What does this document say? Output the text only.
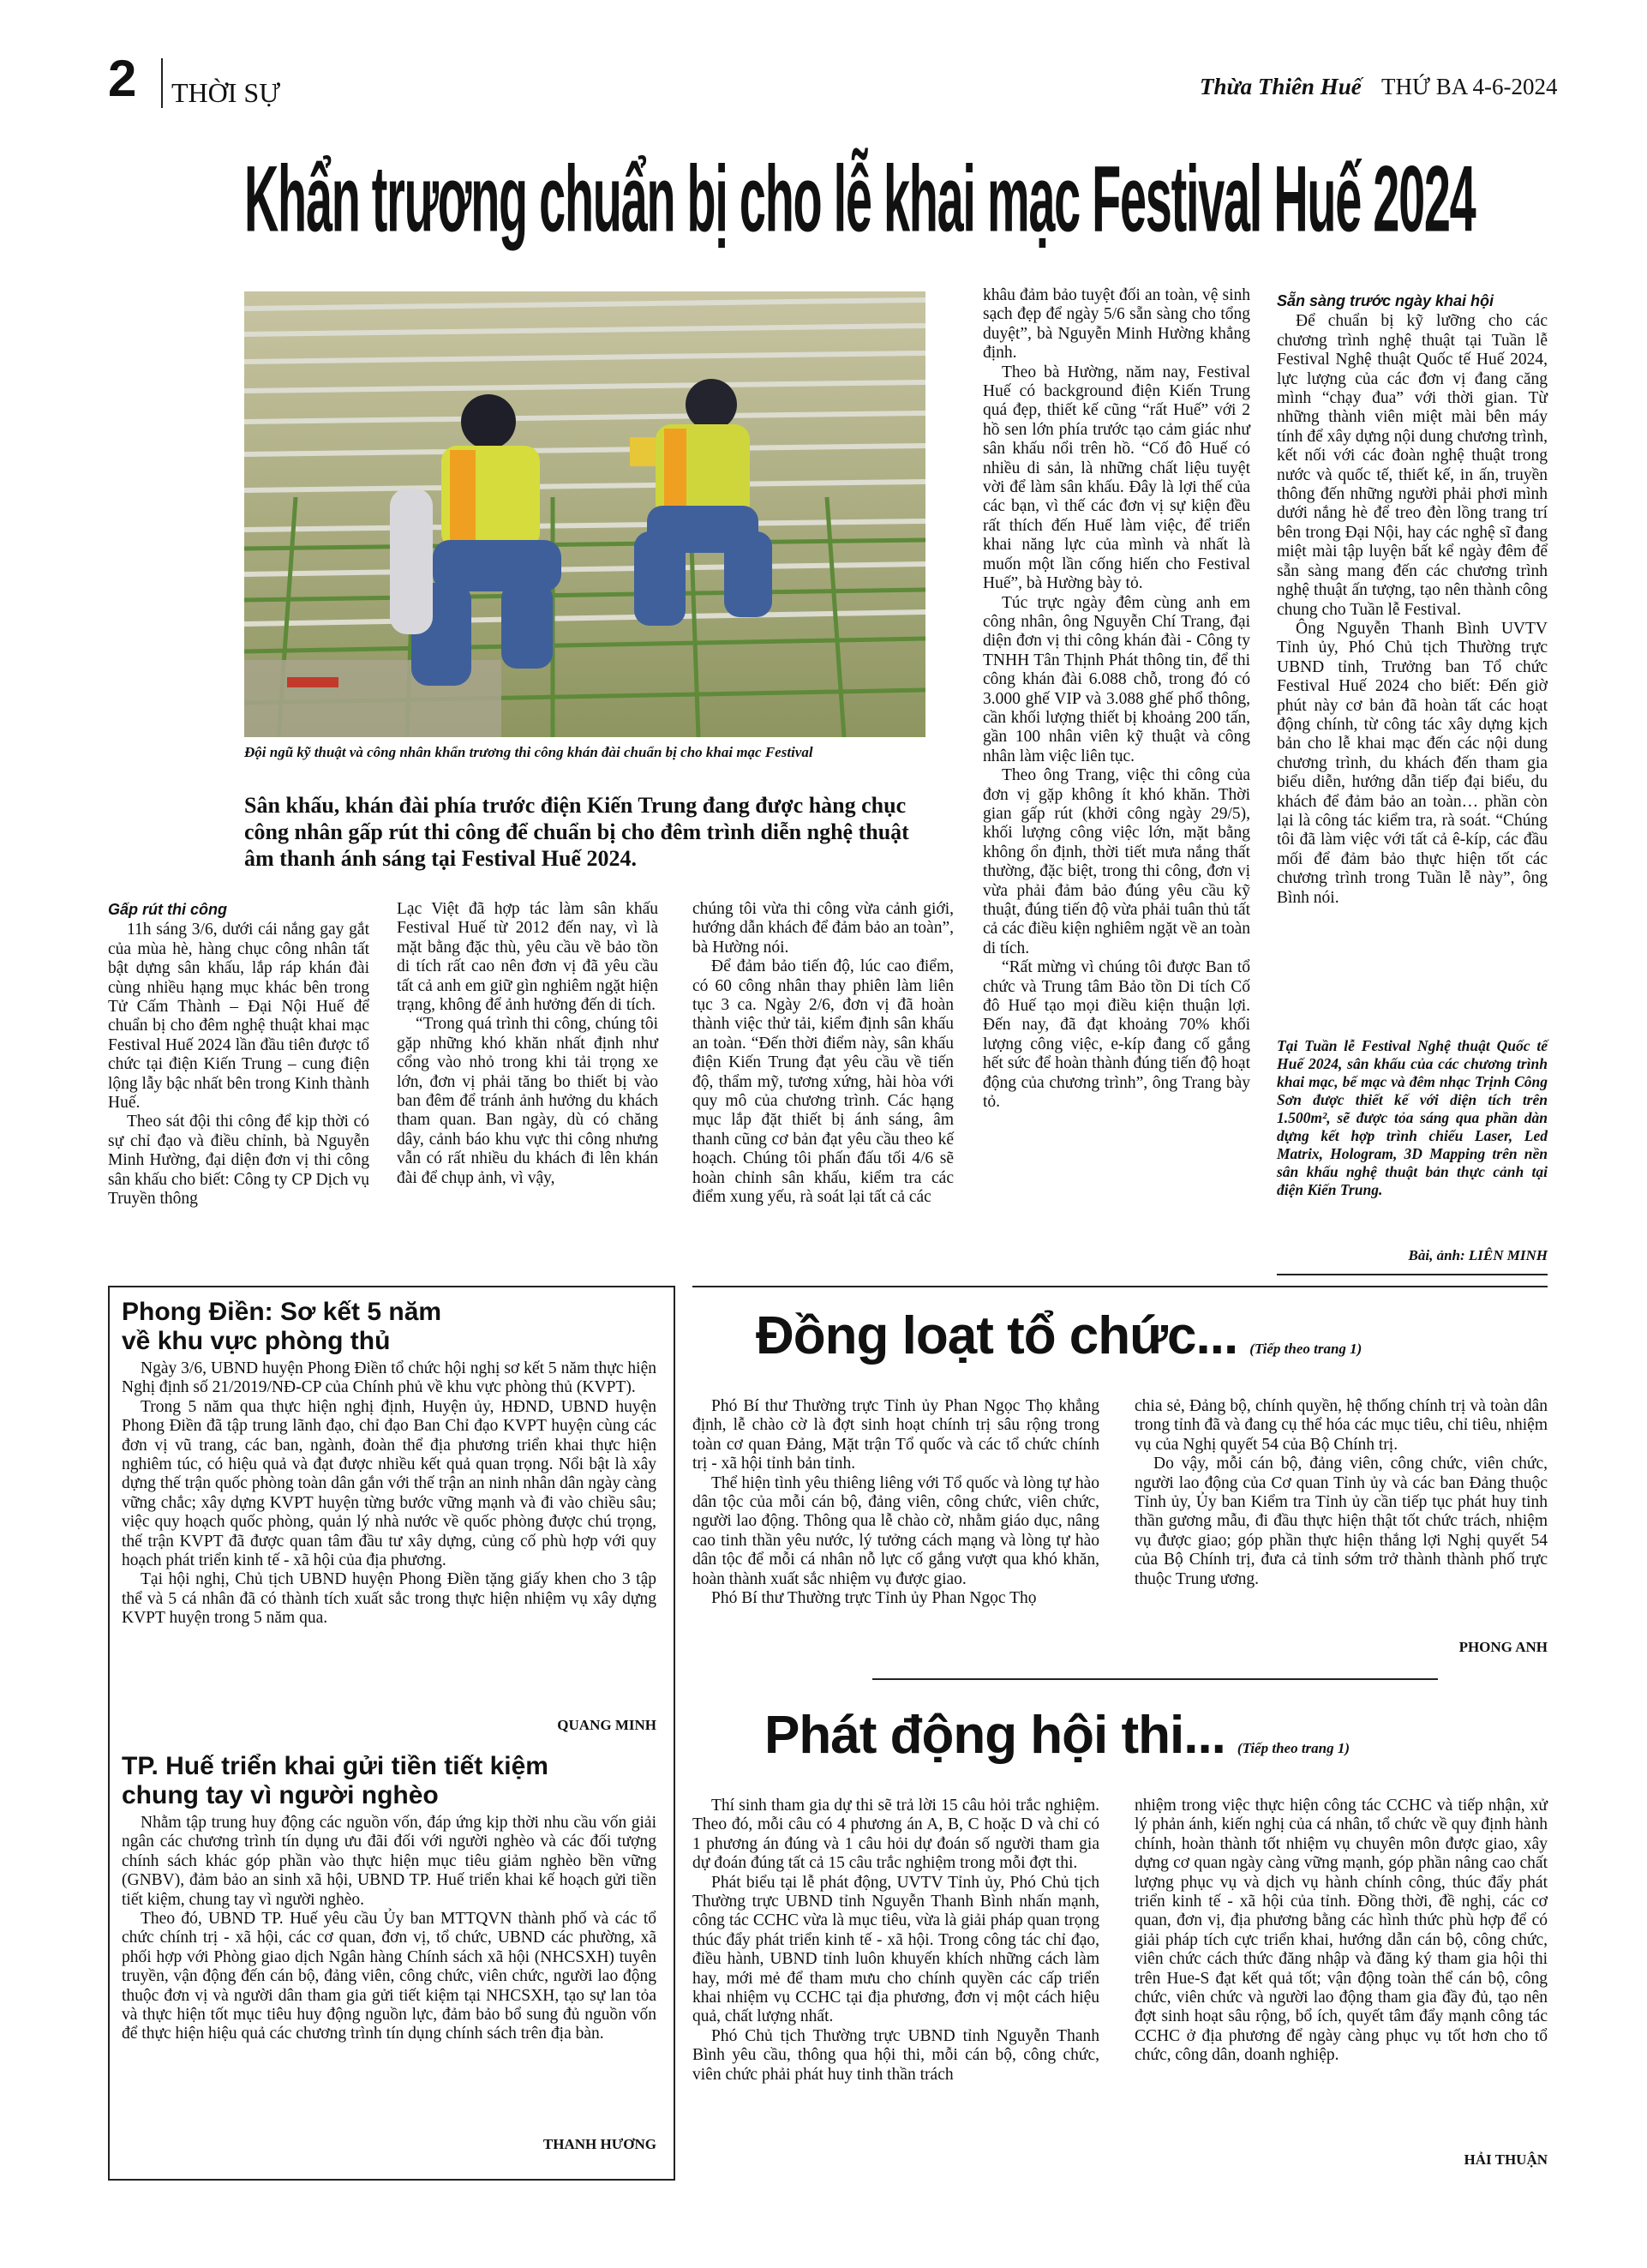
2 THỜI SỰ	Thừa Thiên Huế THỨ BA 4-6-2024
Khẩn trương chuẩn bị cho lễ khai mạc Festival Huế 2024
Đội ngũ kỹ thuật và công nhân khẩn trương thi công khán đài chuẩn bị cho khai mạc Festival
Sân khấu, khán đài phía trước điện Kiến Trung đang được hàng chục công nhân gấp rút thi công để chuẩn bị cho đêm trình diễn nghệ thuật âm thanh ánh sáng tại Festival Huế 2024.

Gấp rút thi công

11h sáng 3/6, dưới cái nắng gay gắt của mùa hè, hàng chục công nhân tất bật dựng sân khấu, lắp ráp khán đài cùng nhiều hạng mục khác bên trong Tử Cấm Thành – Đại Nội Huế để chuẩn bị cho đêm nghệ thuật khai mạc Festival Huế 2024 lần đầu tiên được tổ chức tại điện Kiến Trung – cung điện lộng lẫy bậc nhất bên trong Kinh thành Huế.

Theo sát đội thi công để kịp thời có sự chỉ đạo và điều chỉnh, bà Nguyễn Minh Hường, đại diện đơn vị thi công sân khấu cho biết: Công ty CP Dịch vụ Truyền thông

Lạc Việt đã hợp tác làm sân khấu Festival Huế từ 2012 đến nay, vì là mặt bằng đặc thù, yêu cầu về bảo tồn di tích rất cao nên đơn vị đã yêu cầu tất cả anh em giữ gìn nghiêm ngặt hiện trạng, không để ảnh hưởng đến di tích.

“Trong quá trình thi công, chúng tôi gặp những khó khăn nhất định như cổng vào nhỏ trong khi tải trọng xe lớn, đơn vị phải tăng bo thiết bị vào ban đêm để tránh ảnh hưởng du khách tham quan. Ban ngày, dù có chăng dây, cảnh báo khu vực thi công nhưng vẫn có rất nhiều du khách đi lên khán đài để chụp ảnh, vì vậy,

chúng tôi vừa thi công vừa cảnh giới, hướng dẫn khách để đảm bảo an toàn”, bà Hường nói.

Để đảm bảo tiến độ, lúc cao điểm, có 60 công nhân thay phiên làm liên tục 3 ca. Ngày 2/6, đơn vị đã hoàn thành việc thử tải, kiểm định sân khấu an toàn. “Đến thời điểm này, sân khấu điện Kiến Trung đạt yêu cầu về tiến độ, thẩm mỹ, tương xứng, hài hòa với quy mô của chương trình. Các hạng mục lắp đặt thiết bị ánh sáng, âm thanh cũng cơ bản đạt yêu cầu theo kế hoạch. Chúng tôi phấn đấu tối 4/6 sẽ hoàn chỉnh sân khấu, kiểm tra các điểm xung yếu, rà soát lại tất cả các

khâu đảm bảo tuyệt đối an toàn, vệ sinh sạch đẹp để ngày 5/6 sẵn sàng cho tổng duyệt”, bà Nguyễn Minh Hường khẳng định.

Theo bà Hường, năm nay, Festival Huế có background điện Kiến Trung quá đẹp, thiết kế cũng “rất Huế” với 2 hồ sen lớn phía trước tạo cảm giác như sân khấu nổi trên hồ. “Cố đô Huế có nhiều di sản, là những chất liệu tuyệt vời để làm sân khấu. Đây là lợi thế của các bạn, vì thế các đơn vị sự kiện đều rất thích đến Huế làm việc, để triển khai năng lực của mình và nhất là muốn một lần cống hiến cho Festival Huế”, bà Hường bày tỏ.

Túc trực ngày đêm cùng anh em công nhân, ông Nguyễn Chí Trang, đại diện đơn vị thi công khán đài - Công ty TNHH Tân Thịnh Phát thông tin, để thi công khán đài 6.088 chỗ, trong đó có 3.000 ghế VIP và 3.088 ghế phổ thông, cần khối lượng thiết bị khoảng 200 tấn, gần 100 nhân viên kỹ thuật và công nhân làm việc liên tục.

Theo ông Trang, việc thi công của đơn vị gặp không ít khó khăn. Thời gian gấp rút (khởi công ngày 29/5), khối lượng công việc lớn, mặt bằng không ổn định, thời tiết mưa nắng thất thường, đặc biệt, trong thi công, đơn vị vừa phải đảm bảo đúng yêu cầu kỹ thuật, đúng tiến độ vừa phải tuân thủ tất cả các điều kiện nghiêm ngặt về an toàn di tích.

“Rất mừng vì chúng tôi được Ban tổ chức và Trung tâm Bảo tồn Di tích Cố đô Huế tạo mọi điều kiện thuận lợi. Đến nay, đã đạt khoảng 70% khối lượng công việc, e-kíp đang cố gắng hết sức để hoàn thành đúng tiến độ hoạt động của chương trình”, ông Trang bày tỏ.

Sẵn sàng trước ngày khai hội

Để chuẩn bị kỹ lưỡng cho các chương trình nghệ thuật tại Tuần lễ Festival Nghệ thuật Quốc tế Huế 2024, lực lượng của các đơn vị đang căng mình “chạy đua” với thời gian. Từ những thành viên miệt mài bên máy tính để xây dựng nội dung chương trình, kết nối với các đoàn nghệ thuật trong nước và quốc tế, thiết kế, in ấn, truyền thông đến những người phải phơi mình dưới nắng hè để treo đèn lồng trang trí bên trong Đại Nội, hay các nghệ sĩ đang miệt mài tập luyện bất kể ngày đêm để sẵn sàng mang đến các chương trình nghệ thuật ấn tượng, tạo nên thành công chung cho Tuần lễ Festival.

Ông Nguyễn Thanh Bình UVTV Tỉnh ủy, Phó Chủ tịch Thường trực UBND tỉnh, Trưởng ban Tổ chức Festival Huế 2024 cho biết: Đến giờ phút này cơ bản đã hoàn tất các hoạt động chính, từ công tác xây dựng kịch bản cho lễ khai mạc đến các nội dung chương trình, du khách đến tham gia biểu diễn, hướng dẫn tiếp đại biểu, du khách để đảm bảo an toàn… phần còn lại là công tác kiểm tra, rà soát. “Chúng tôi đã làm việc với tất cả ê-kíp, các đầu mối để đảm bảo thực hiện tốt các chương trình trong Tuần lễ này”, ông Bình nói.

Tại Tuần lễ Festival Nghệ thuật Quốc tế Huế 2024, sân khấu của các chương trình khai mạc, bế mạc và đêm nhạc Trịnh Công Sơn được thiết kế với diện tích trên 1.500m², sẽ được tỏa sáng qua phần dàn dựng kết hợp trình chiếu Laser, Led Matrix, Hologram, 3D Mapping trên nền sân khấu nghệ thuật bản thực cảnh tại điện Kiến Trung.
Bài, ảnh: LIÊN MINH
Phong Điền: Sơ kết 5 năm
về khu vực phòng thủ

Ngày 3/6, UBND huyện Phong Điền tổ chức hội nghị sơ kết 5 năm thực hiện Nghị định số 21/2019/NĐ-CP của Chính phủ về khu vực phòng thủ (KVPT).

Trong 5 năm qua thực hiện nghị định, Huyện ủy, HĐND, UBND huyện Phong Điền đã tập trung lãnh đạo, chỉ đạo Ban Chỉ đạo KVPT huyện cùng các đơn vị vũ trang, các ban, ngành, đoàn thể địa phương triển khai thực hiện nghiêm túc, có hiệu quả và đạt được nhiều kết quả quan trọng. Nổi bật là xây dựng thế trận quốc phòng toàn dân gắn với thế trận an ninh nhân dân ngày càng vững chắc; xây dựng KVPT huyện từng bước vững mạnh và đi vào chiều sâu; việc quy hoạch quốc phòng, quản lý nhà nước về quốc phòng được chú trọng, thế trận KVPT đã được quan tâm đầu tư xây dựng, củng cố phù hợp với quy hoạch phát triển kinh tế - xã hội của địa phương.

Tại hội nghị, Chủ tịch UBND huyện Phong Điền tặng giấy khen cho 3 tập thể và 5 cá nhân đã có thành tích xuất sắc trong thực hiện nhiệm vụ xây dựng KVPT huyện trong 5 năm qua.

QUANG MINH
TP. Huế triển khai gửi tiền tiết kiệm
chung tay vì người nghèo

Nhằm tập trung huy động các nguồn vốn, đáp ứng kịp thời nhu cầu vốn giải ngân các chương trình tín dụng ưu đãi đối với người nghèo và các đối tượng chính sách khác góp phần vào thực hiện mục tiêu giảm nghèo bền vững (GNBV), đảm bảo an sinh xã hội, UBND TP. Huế triển khai kế hoạch gửi tiền tiết kiệm, chung tay vì người nghèo.

Theo đó, UBND TP. Huế yêu cầu Ủy ban MTTQVN thành phố và các tổ chức chính trị - xã hội, các cơ quan, đơn vị, tổ chức, UBND các phường, xã phối hợp với Phòng giao dịch Ngân hàng Chính sách xã hội (NHCSXH) tuyên truyền, vận động đến cán bộ, đảng viên, công chức, viên chức, người lao động thuộc đơn vị và người dân tham gia gửi tiết kiệm tại NHCSXH, tạo sự lan tỏa và thực hiện tốt mục tiêu huy động nguồn lực, đảm bảo bổ sung đủ nguồn vốn để thực hiện hiệu quả các chương trình tín dụng chính sách trên địa bàn.

THANH HƯƠNG
Đồng loạt tổ chức... (Tiếp theo trang 1)

Phó Bí thư Thường trực Tỉnh ủy Phan Ngọc Thọ khẳng định, lễ chào cờ là đợt sinh hoạt chính trị sâu rộng trong toàn cơ quan Đảng, Mặt trận Tổ quốc và các tổ chức chính trị - xã hội tỉnh bản tỉnh.

Thể hiện tình yêu thiêng liêng với Tổ quốc và lòng tự hào dân tộc của mỗi cán bộ, đảng viên, công chức, viên chức, người lao động. Thông qua lễ chào cờ, nhằm giáo dục, nâng cao tinh thần yêu nước, lý tưởng cách mạng và lòng tự hào dân tộc để mỗi cá nhân nỗ lực cố gắng vượt qua khó khăn, hoàn thành xuất sắc nhiệm vụ được giao.

Phó Bí thư Thường trực Tỉnh ủy Phan Ngọc Thọ

chia sẻ, Đảng bộ, chính quyền, hệ thống chính trị và toàn dân trong tỉnh đã và đang cụ thể hóa các mục tiêu, chỉ tiêu, nhiệm vụ của Nghị quyết 54 của Bộ Chính trị.

Do vậy, mỗi cán bộ, đảng viên, công chức, viên chức, người lao động của Cơ quan Tỉnh ủy và các ban Đảng thuộc Tỉnh ủy, Ủy ban Kiểm tra Tỉnh ủy cần tiếp tục phát huy tinh thần gương mẫu, đi đầu thực hiện thật tốt chức trách, nhiệm vụ được giao; góp phần thực hiện thắng lợi Nghị quyết 54 của Bộ Chính trị, đưa cả tỉnh sớm trở thành thành phố trực thuộc Trung ương.

PHONG ANH
Phát động hội thi... (Tiếp theo trang 1)

Thí sinh tham gia dự thi sẽ trả lời 15 câu hỏi trắc nghiệm. Theo đó, mỗi câu có 4 phương án A, B, C hoặc D và chỉ có 1 phương án đúng và 1 câu hỏi dự đoán số người tham gia dự đoán đúng tất cả 15 câu trắc nghiệm trong mỗi đợt thi.

Phát biểu tại lễ phát động, UVTV Tỉnh ủy, Phó Chủ tịch Thường trực UBND tỉnh Nguyễn Thanh Bình nhấn mạnh, công tác CCHC vừa là mục tiêu, vừa là giải pháp quan trọng thúc đẩy phát triển kinh tế - xã hội. Trong công tác chỉ đạo, điều hành, UBND tỉnh luôn khuyến khích những cách làm hay, mới mẻ để tham mưu cho chính quyền các cấp triển khai nhiệm vụ CCHC tại địa phương, đơn vị một cách hiệu quả, chất lượng nhất.

Phó Chủ tịch Thường trực UBND tỉnh Nguyễn Thanh Bình yêu cầu, thông qua hội thi, mỗi cán bộ, công chức, viên chức phải phát huy tinh thần trách

nhiệm trong việc thực hiện công tác CCHC và tiếp nhận, xử lý phản ánh, kiến nghị của cá nhân, tổ chức về quy định hành chính, hoàn thành tốt nhiệm vụ chuyên môn được giao, xây dựng cơ quan ngày càng vững mạnh, góp phần nâng cao chất lượng phục vụ và dịch vụ hành chính công, thúc đẩy phát triển kinh tế - xã hội của tỉnh. Đồng thời, đề nghị, các cơ quan, đơn vị, địa phương bằng các hình thức phù hợp để có giải pháp tích cực triển khai, hướng dẫn cán bộ, công chức, viên chức cách thức đăng nhập và đăng ký tham gia hội thi trên Hue-S đạt kết quả tốt; vận động toàn thể cán bộ, công chức, viên chức và người lao động tham gia đầy đủ, tạo nên đợt sinh hoạt sâu rộng, bổ ích, quyết tâm đẩy mạnh công tác CCHC ở địa phương để ngày càng phục vụ tốt hơn cho tổ chức, công dân, doanh nghiệp.

HẢI THUẬN
